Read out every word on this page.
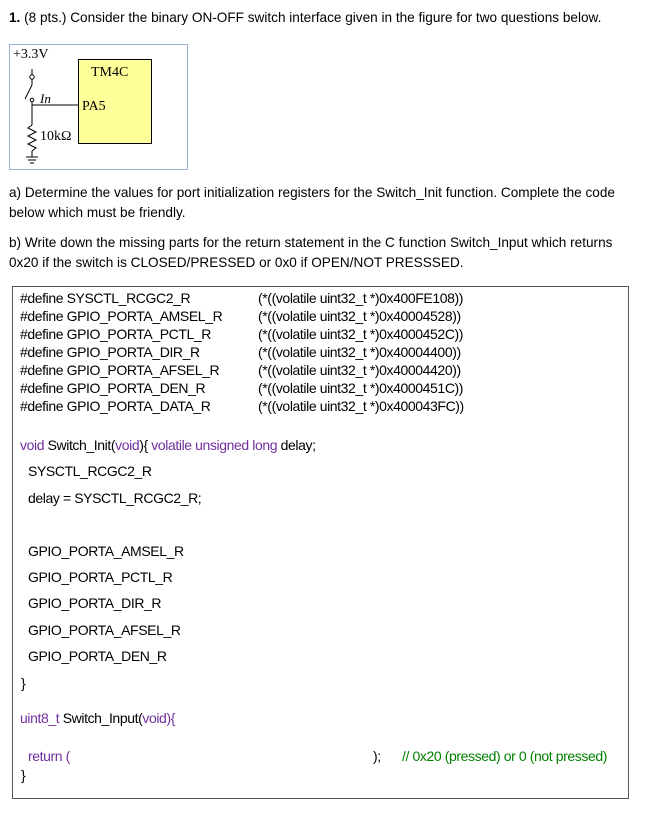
1. (8 pts.) Consider the binary ON-OFF switch interface given in the figure for two questions below.
+3.3V
TM4C
PA5
In
10kΩ
a) Determine the values for port initialization registers for the Switch_Init function. Complete the code
below which must be friendly.
b) Write down the missing parts for the return statement in the C function Switch_Input which returns
0x20 if the switch is CLOSED/PRESSED or 0x0 if OPEN/NOT PRESSSED.
#define SYSCTL_RCGC2_R	(*((volatile uint32_t *)0x400FE108))
#define GPIO_PORTA_AMSEL_R	(*((volatile uint32_t *)0x40004528))
#define GPIO_PORTA_PCTL_R	(*((volatile uint32_t *)0x4000452C))
#define GPIO_PORTA_DIR_R	(*((volatile uint32_t *)0x40004400))
#define GPIO_PORTA_AFSEL_R	(*((volatile uint32_t *)0x40004420))
#define GPIO_PORTA_DEN_R	(*((volatile uint32_t *)0x4000451C))
#define GPIO_PORTA_DATA_R	(*((volatile uint32_t *)0x400043FC))
void Switch_Init(void){ volatile unsigned long delay;
SYSCTL_RCGC2_R
delay = SYSCTL_RCGC2_R;
GPIO_PORTA_AMSEL_R
GPIO_PORTA_PCTL_R
GPIO_PORTA_DIR_R
GPIO_PORTA_AFSEL_R
GPIO_PORTA_DEN_R
}
uint8_t Switch_Input(void){
return (	); // 0x20 (pressed) or 0 (not pressed)
}
